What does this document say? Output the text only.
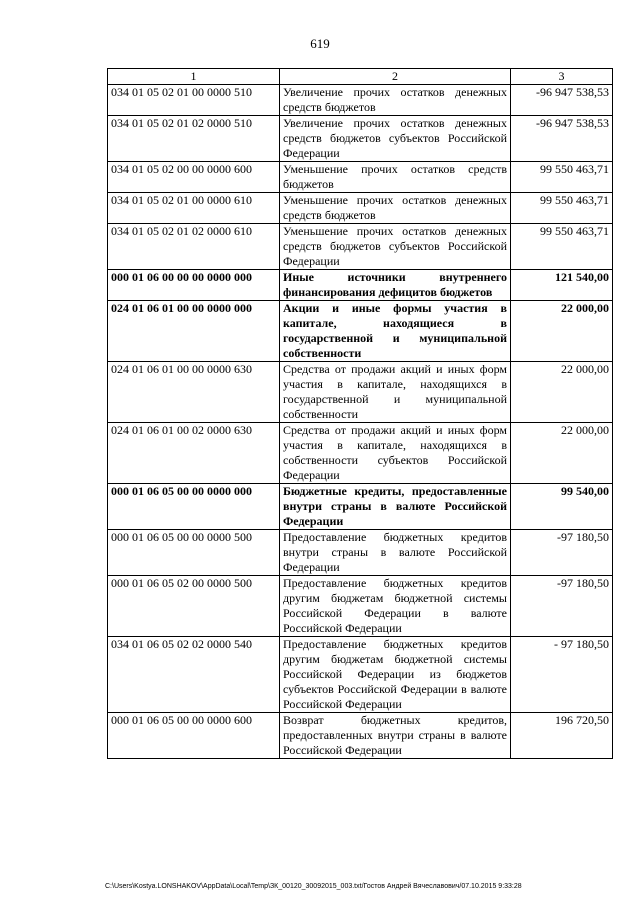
619
1	2	3
034 01 05 02 01 00 0000 510	Увеличение прочих остатков денежных средств бюджетов	-96 947 538,53
034 01 05 02 01 02 0000 510	Увеличение прочих остатков денежных средств бюджетов субъектов Российской Федерации	-96 947 538,53
034 01 05 02 00 00 0000 600	Уменьшение прочих остатков средств бюджетов	99 550 463,71
034 01 05 02 01 00 0000 610	Уменьшение прочих остатков денежных средств бюджетов	99 550 463,71
034 01 05 02 01 02 0000 610	Уменьшение прочих остатков денежных средств бюджетов субъектов Российской Федерации	99 550 463,71
000 01 06 00 00 00 0000 000	Иные источники внутреннего финансирования дефицитов бюджетов	121 540,00
024 01 06 01 00 00 0000 000	Акции и иные формы участия в капитале, находящиеся в государственной и муниципальной собственности	22 000,00
024 01 06 01 00 00 0000 630	Средства от продажи акций и иных форм участия в капитале, находящихся в государственной и муниципальной собственности	22 000,00
024 01 06 01 00 02 0000 630	Средства от продажи акций и иных форм участия в капитале, находящихся в собственности субъектов Российской Федерации	22 000,00
000 01 06 05 00 00 0000 000	Бюджетные кредиты, предоставленные внутри страны в валюте Российской Федерации	99 540,00
000 01 06 05 00 00 0000 500	Предоставление бюджетных кредитов внутри страны в валюте Российской Федерации	-97 180,50
000 01 06 05 02 00 0000 500	Предоставление бюджетных кредитов другим бюджетам бюджетной системы Российской Федерации в валюте Российской Федерации	-97 180,50
034 01 06 05 02 02 0000 540	Предоставление бюджетных кредитов другим бюджетам бюджетной системы Российской Федерации из бюджетов субъектов Российской Федерации в валюте Российской Федерации	- 97 180,50
000 01 06 05 00 00 0000 600	Возврат бюджетных кредитов, предоставленных внутри страны в валюте Российской Федерации	196 720,50
C:\Users\Kostya.LONSHAKOV\AppData\Local\Temp\ЗК_00120_30092015_003.txt/Гостов Андрей Вячеславович/07.10.2015 9:33:28
